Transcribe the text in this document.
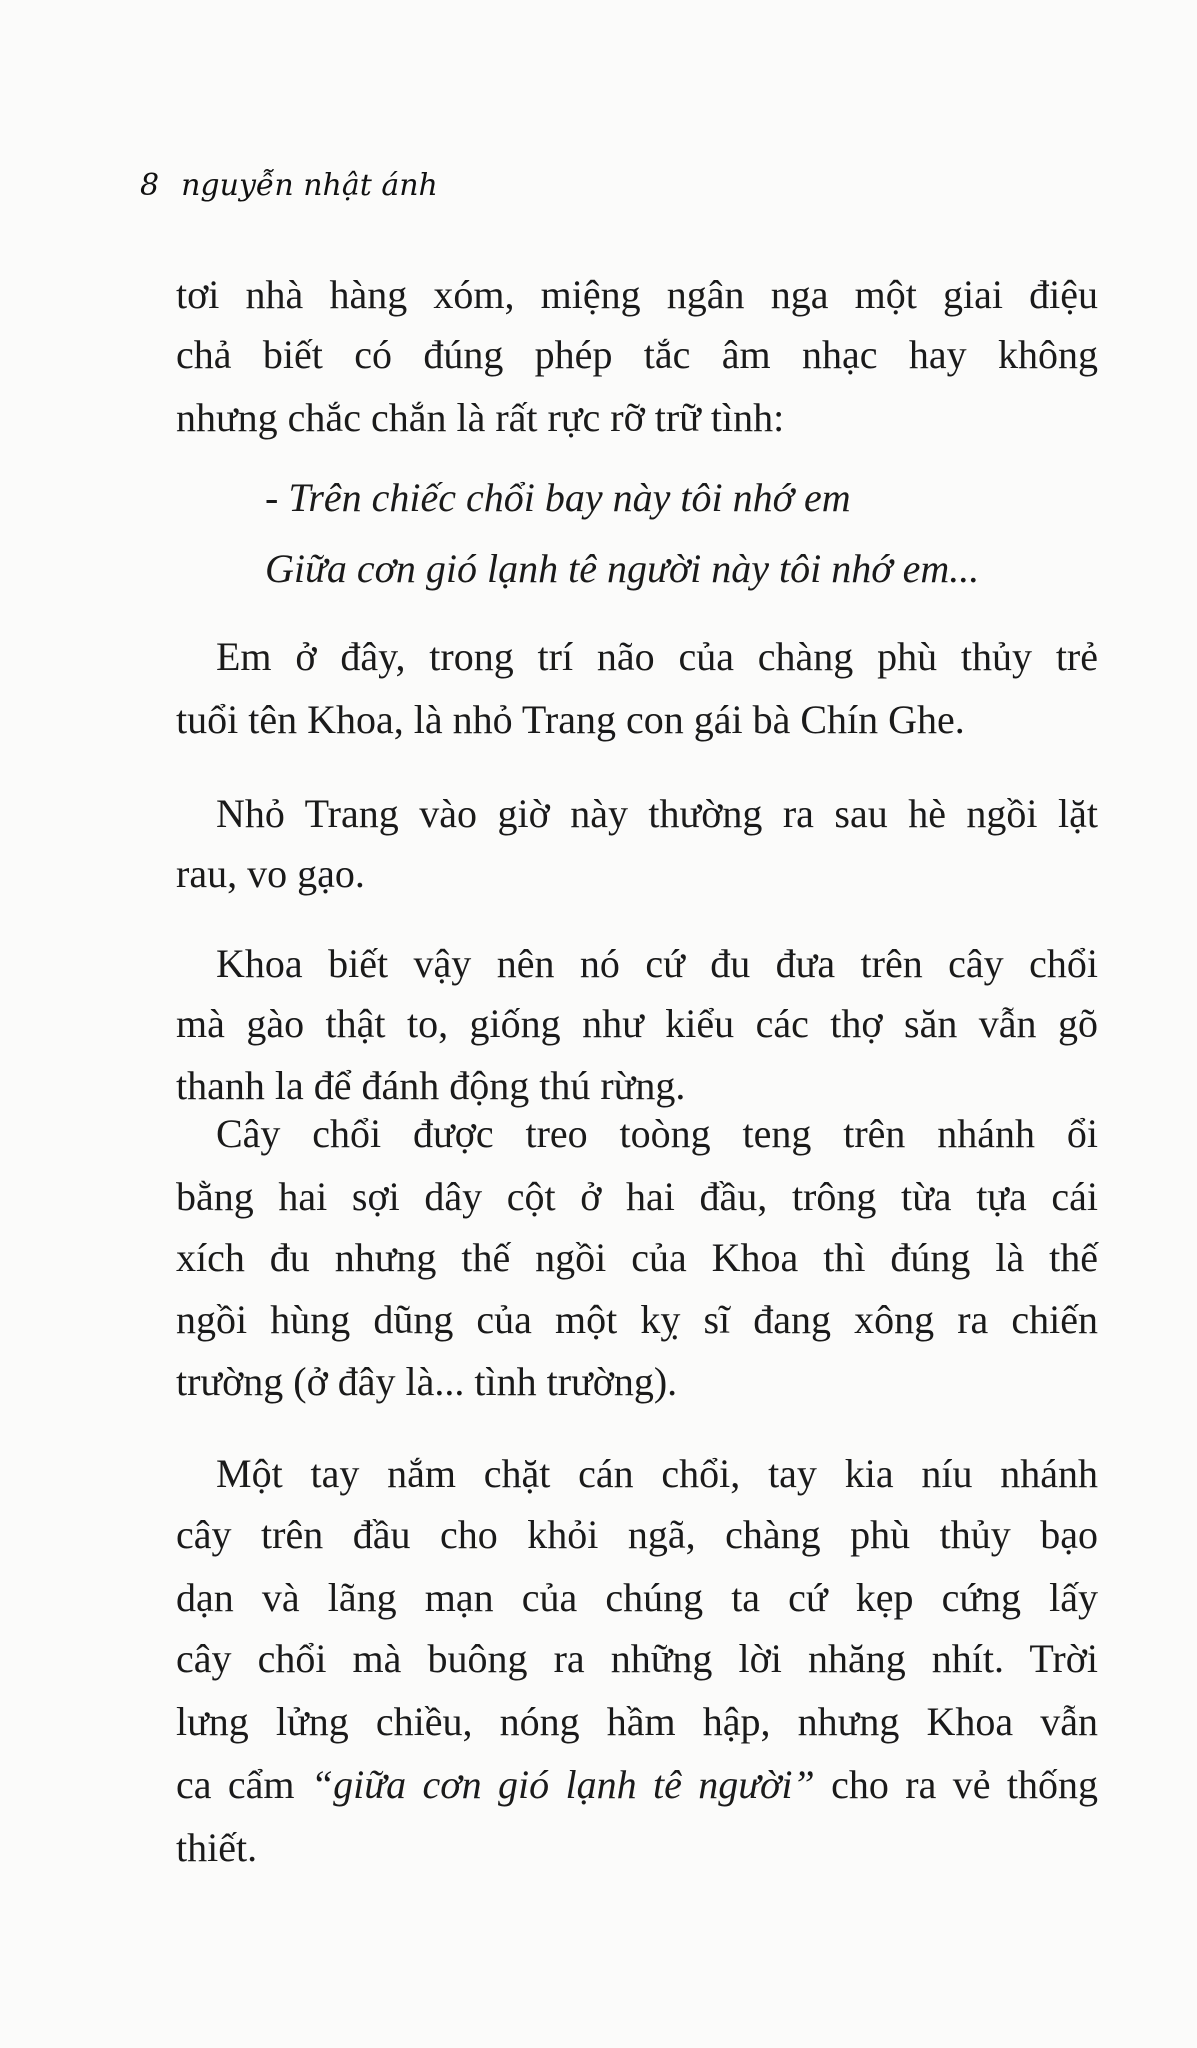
8 nguyễn nhật ánh
tơi nhà hàng xóm, miệng ngân nga một giai điệu
chả biết có đúng phép tắc âm nhạc hay không
nhưng chắc chắn là rất rực rỡ trữ tình:
- Trên chiếc chổi bay này tôi nhớ em
Giữa cơn gió lạnh tê người này tôi nhớ em...
Em ở đây, trong trí não của chàng phù thủy trẻ
tuổi tên Khoa, là nhỏ Trang con gái bà Chín Ghe.
Nhỏ Trang vào giờ này thường ra sau hè ngồi lặt
rau, vo gạo.
Khoa biết vậy nên nó cứ đu đưa trên cây chổi
mà gào thật to, giống như kiểu các thợ săn vẫn gõ
thanh la để đánh động thú rừng.
Cây chổi được treo toòng teng trên nhánh ổi
bằng hai sợi dây cột ở hai đầu, trông từa tựa cái
xích đu nhưng thế ngồi của Khoa thì đúng là thế
ngồi hùng dũng của một kỵ sĩ đang xông ra chiến
trường (ở đây là... tình trường).
Một tay nắm chặt cán chổi, tay kia níu nhánh
cây trên đầu cho khỏi ngã, chàng phù thủy bạo
dạn và lãng mạn của chúng ta cứ kẹp cứng lấy
cây chổi mà buông ra những lời nhăng nhít. Trời
lưng lửng chiều, nóng hầm hập, nhưng Khoa vẫn
ca cẩm “giữa cơn gió lạnh tê người” cho ra vẻ thống
thiết.
